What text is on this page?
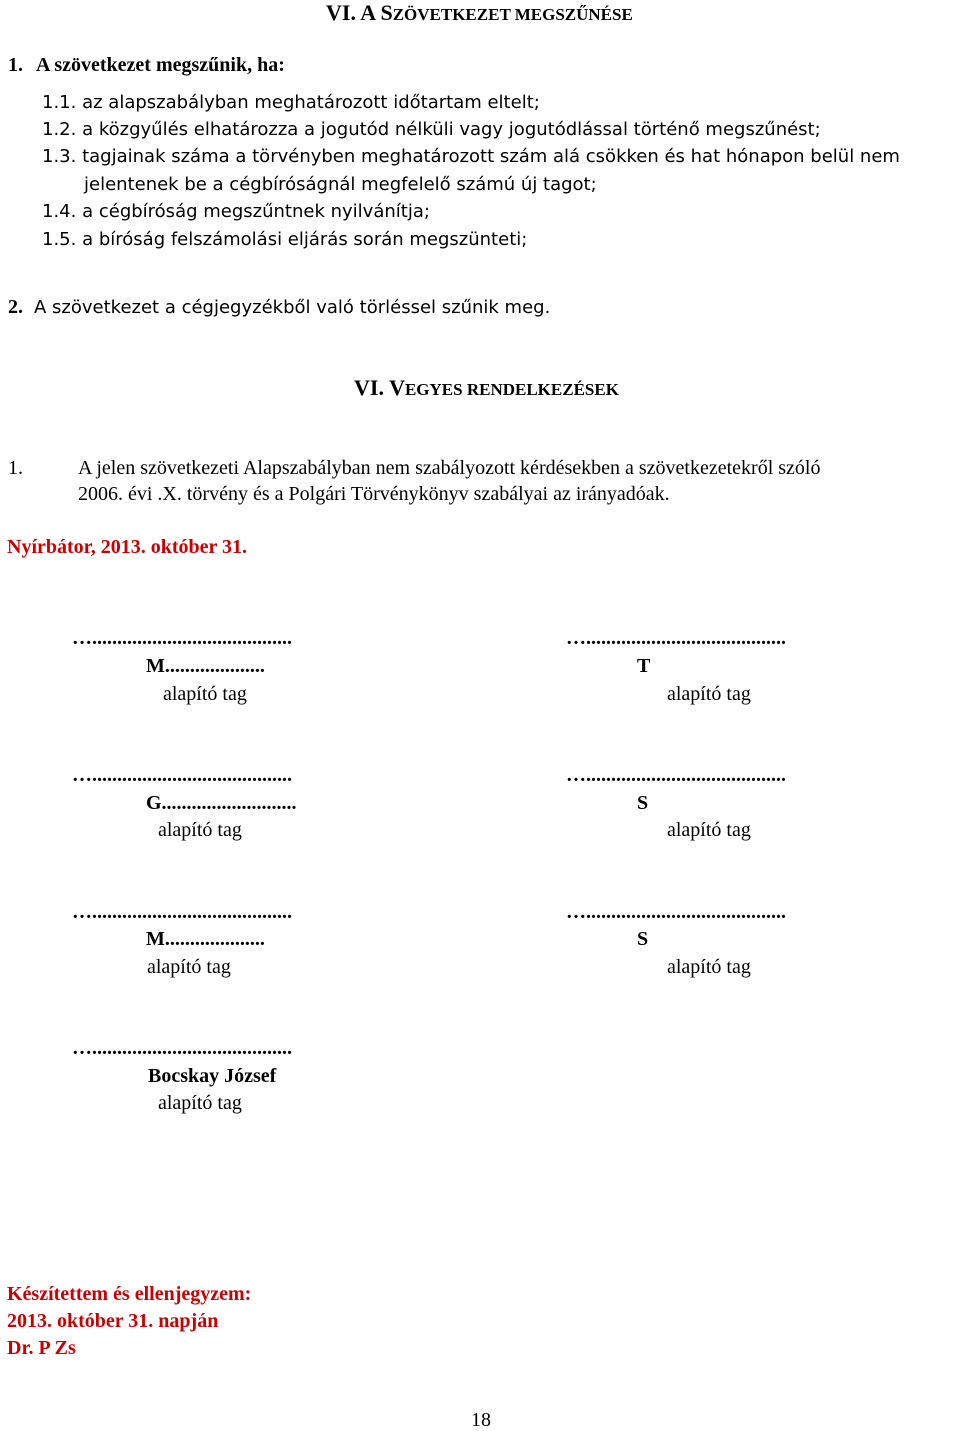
VI. A SZÖVETKEZET MEGSZŰNÉSE
1. A szövetkezet megszűnik, ha:
1.1. az alapszabályban meghatározott időtartam eltelt;
1.2. a közgyűlés elhatározza a jogutód nélküli vagy jogutódlással történő megszűnést;
1.3. tagjainak száma a törvényben meghatározott szám alá csökken és hat hónapon belül nem
jelentenek be a cégbíróságnál megfelelő számú új tagot;
1.4. a cégbíróság megszűntnek nyilvánítja;
1.5. a bíróság felszámolási eljárás során megszünteti;
2. A szövetkezet a cégjegyzékből való törléssel szűnik meg.
VI. VEGYES RENDELKEZÉSEK
1.	A jelen szövetkezeti Alapszabályban nem szabályozott kérdésekben a szövetkezetekről szóló
2006. évi .X. törvény és a Polgári Törvénykönyv szabályai az irányadóak.
Nyírbátor, 2013. október 31.
…........................................
M....................
alapító tag
…........................................
T
alapító tag
…........................................
G...........................
alapító tag
…........................................
S
alapító tag
…........................................
M....................
alapító tag
…........................................
S
alapító tag
…........................................
Bocskay József
alapító tag
Készítettem és ellenjegyzem:
2013. október 31. napján
Dr. P Zs
18
